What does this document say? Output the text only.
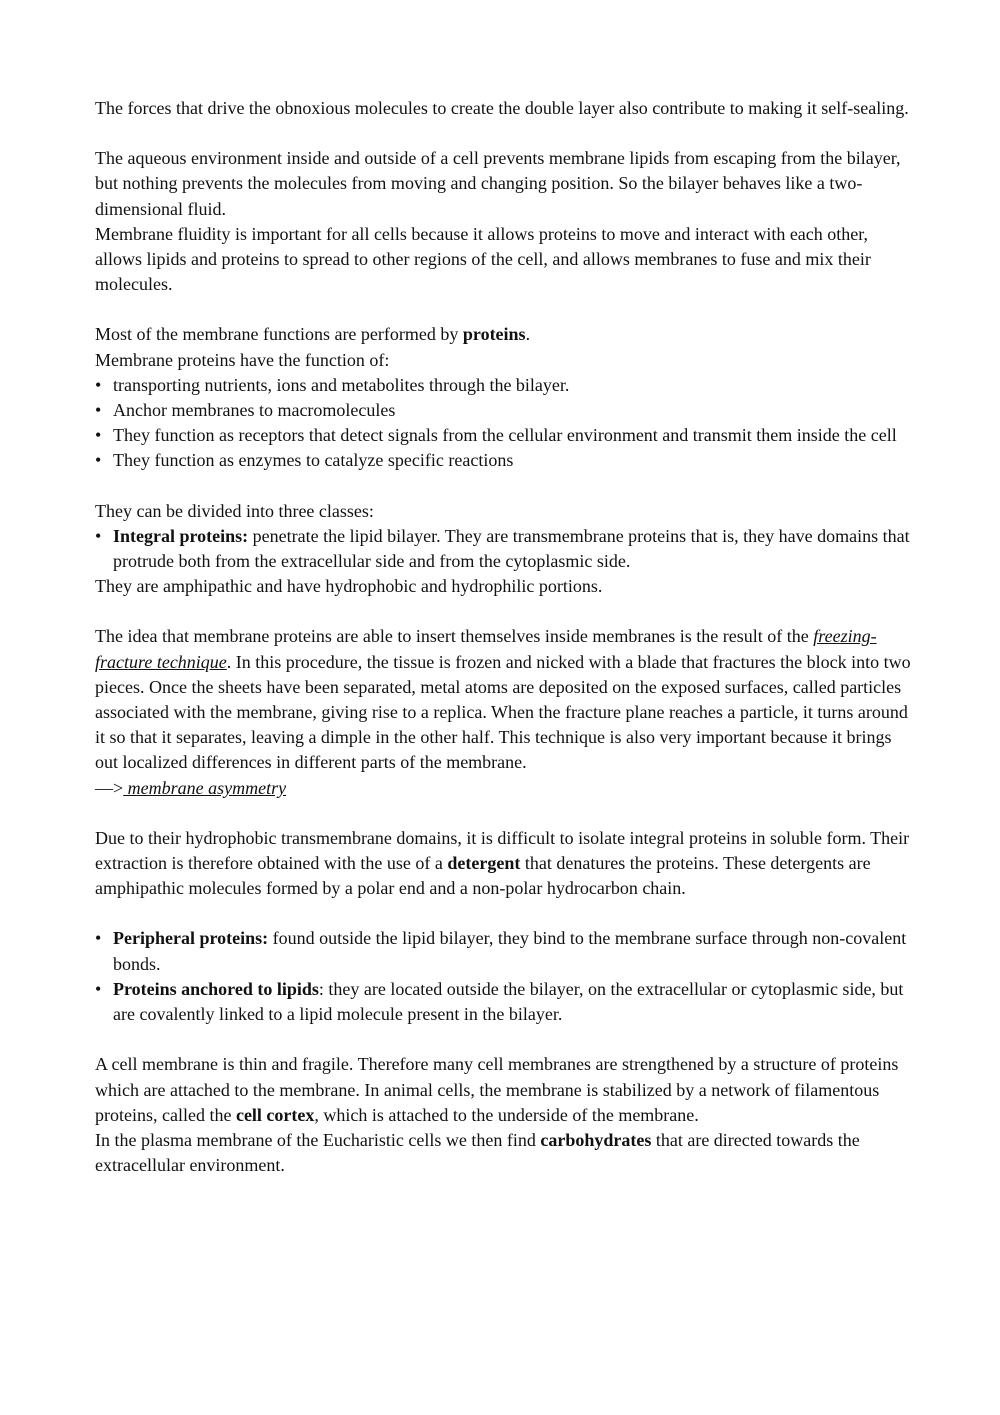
The forces that drive the obnoxious molecules to create the double layer also contribute to making it self-sealing.

The aqueous environment inside and outside of a cell prevents membrane lipids from escaping from the bilayer, but nothing prevents the molecules from moving and changing position. So the bilayer behaves like a two-dimensional fluid.

Membrane fluidity is important for all cells because it allows proteins to move and interact with each other, allows lipids and proteins to spread to other regions of the cell, and allows membranes to fuse and mix their molecules.

Most of the membrane functions are performed by proteins.

Membrane proteins have the function of:

• transporting nutrients, ions and metabolites through the bilayer.
• Anchor membranes to macromolecules
• They function as receptors that detect signals from the cellular environment and transmit them inside the cell
• They function as enzymes to catalyze specific reactions

They can be divided into three classes:

• Integral proteins: penetrate the lipid bilayer. They are transmembrane proteins that is, they have domains that protrude both from the extracellular side and from the cytoplasmic side.

They are amphipathic and have hydrophobic and hydrophilic portions.

The idea that membrane proteins are able to insert themselves inside membranes is the result of the freezing-fracture technique. In this procedure, the tissue is frozen and nicked with a blade that fractures the block into two pieces. Once the sheets have been separated, metal atoms are deposited on the exposed surfaces, called particles associated with the membrane, giving rise to a replica. When the fracture plane reaches a particle, it turns around it so that it separates, leaving a dimple in the other half. This technique is also very important because it brings out localized differences in different parts of the membrane.

—> membrane asymmetry

Due to their hydrophobic transmembrane domains, it is difficult to isolate integral proteins in soluble form. Their extraction is therefore obtained with the use of a detergent that denatures the proteins. These detergents are amphipathic molecules formed by a polar end and a non-polar hydrocarbon chain.

• Peripheral proteins: found outside the lipid bilayer, they bind to the membrane surface through non-covalent bonds.
• Proteins anchored to lipids: they are located outside the bilayer, on the extracellular or cytoplasmic side, but are covalently linked to a lipid molecule present in the bilayer.

A cell membrane is thin and fragile. Therefore many cell membranes are strengthened by a structure of proteins which are attached to the membrane. In animal cells, the membrane is stabilized by a network of filamentous proteins, called the cell cortex, which is attached to the underside of the membrane.

In the plasma membrane of the Eucharistic cells we then find carbohydrates that are directed towards the extracellular environment.
